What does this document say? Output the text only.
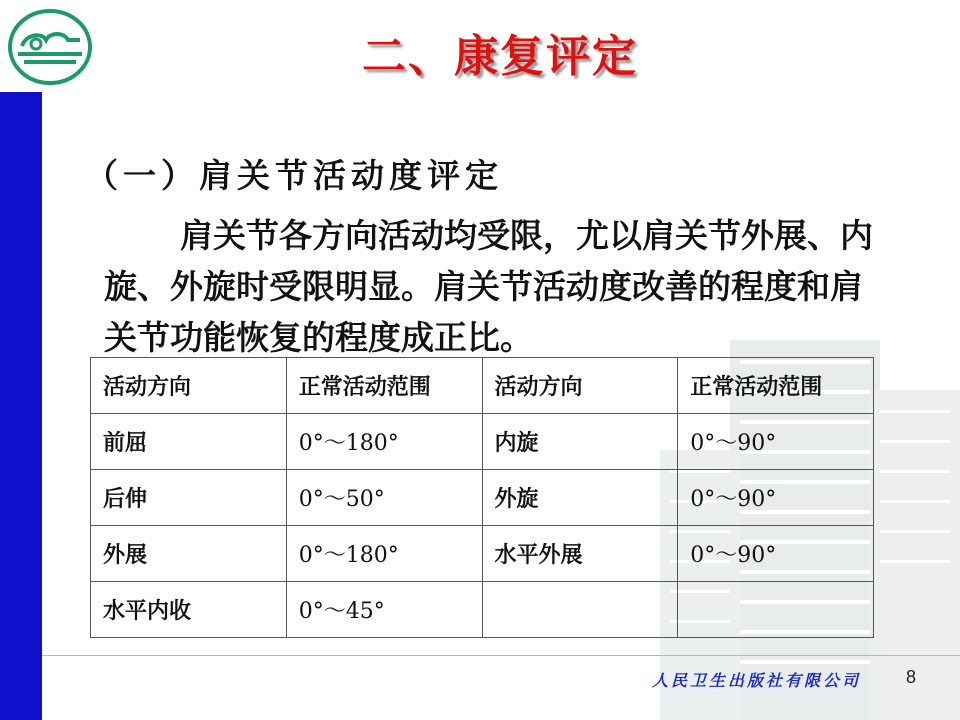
二、康复评定
（一）肩关节活动度评定
肩关节各方向活动均受限，尤以肩关节外展、内旋、外旋时受限明显。肩关节活动度改善的程度和肩关节功能恢复的程度成正比。
活动方向	正常活动范围	活动方向	正常活动范围
前屈	0°～180°	内旋	0°～90°
后伸	0°～50°	外旋	0°～90°
外展	0°～180°	水平外展	0°～90°
水平内收	0°～45°		
人民卫生出版社有限公司 8
